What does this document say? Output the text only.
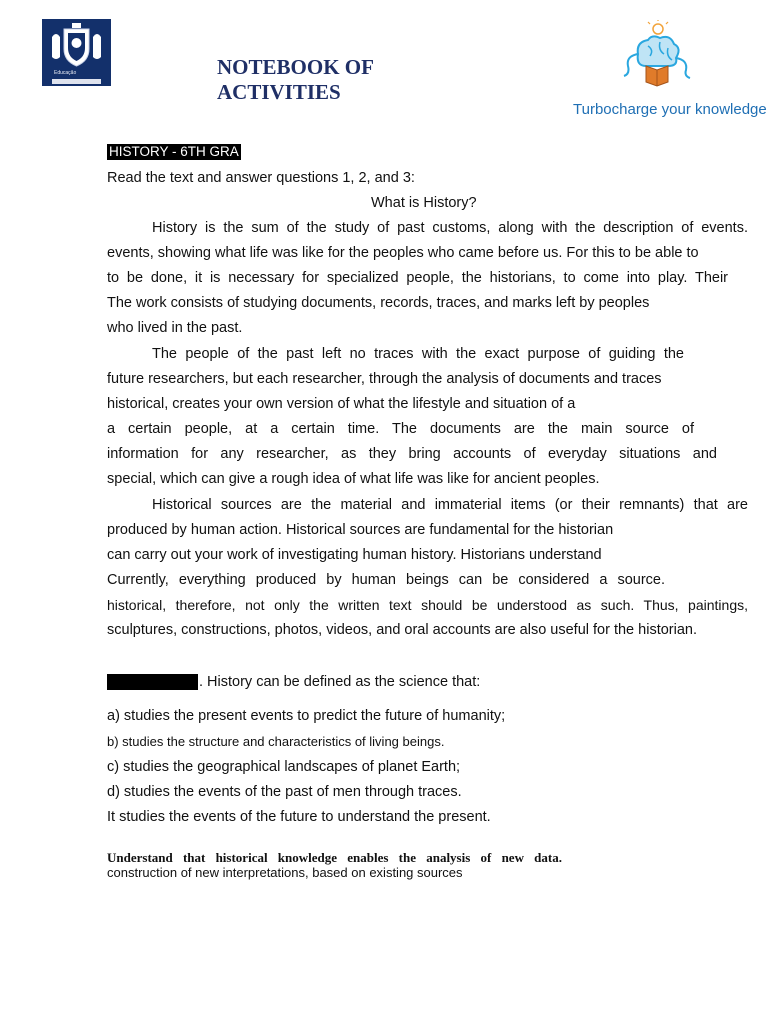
Educação	NOTEBOOK OF
ACTIVITIES
Turbocharge your knowledge
HISTORY - 6TH GRA
Read the text and answer questions 1, 2, and 3:
What is History?
History is the sum of the study of past customs, along with the description of events.
events, showing what life was like for the peoples who came before us. For this to be able to
to be done, it is necessary for specialized people, the historians, to come into play. Their
The work consists of studying documents, records, traces, and marks left by peoples
who lived in the past.
The people of the past left no traces with the exact purpose of guiding the
future researchers, but each researcher, through the analysis of documents and traces
historical, creates your own version of what the lifestyle and situation of a
a certain people, at a certain time. The documents are the main source of
information for any researcher, as they bring accounts of everyday situations and
special, which can give a rough idea of what life was like for ancient peoples.
Historical sources are the material and immaterial items (or their remnants) that are
produced by human action. Historical sources are fundamental for the historian
can carry out your work of investigating human history. Historians understand
Currently, everything produced by human beings can be considered a source.
historical, therefore, not only the written text should be understood as such. Thus, paintings,
sculptures, constructions, photos, videos, and oral accounts are also useful for the historian.
. History can be defined as the science that:
a) studies the present events to predict the future of humanity;
b) studies the structure and characteristics of living beings.
c) studies the geographical landscapes of planet Earth;
d) studies the events of the past of men through traces.
It studies the events of the future to understand the present.
Understand that historical knowledge enables the analysis of new data.
construction of new interpretations, based on existing sources
